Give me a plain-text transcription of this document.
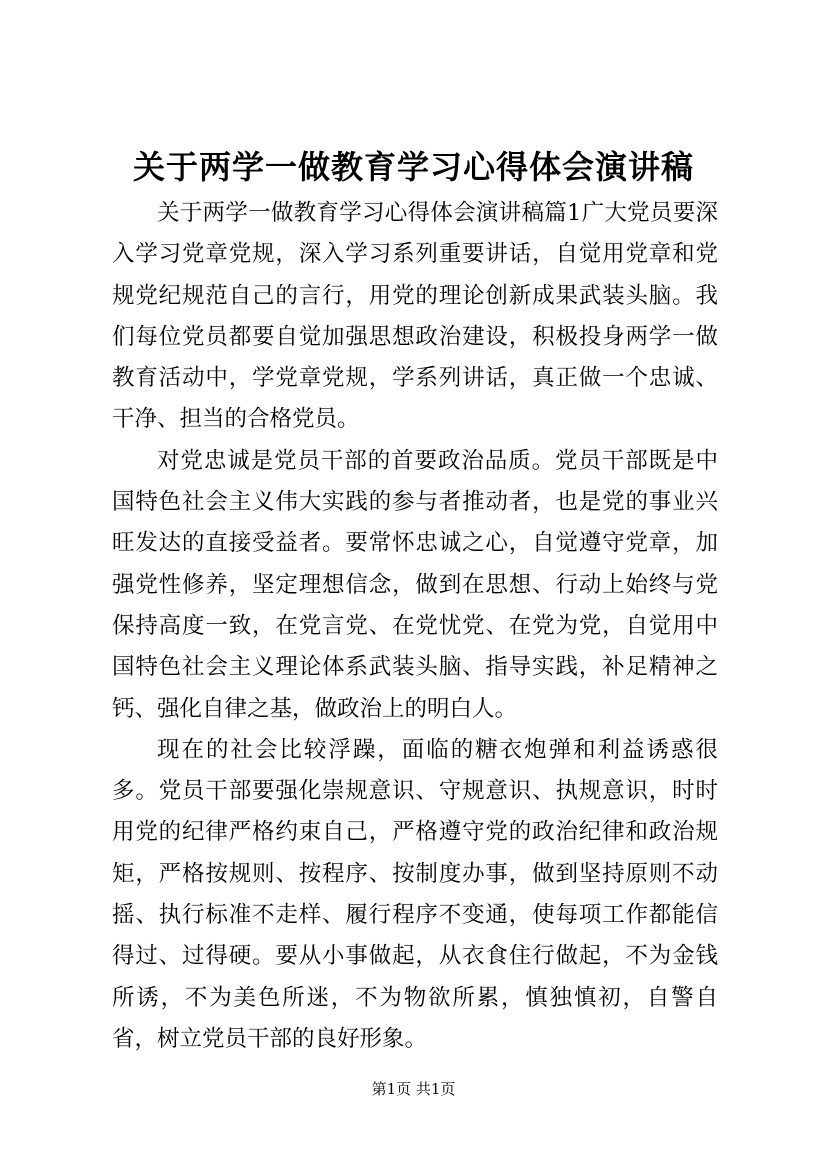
关于两学一做教育学习心得体会演讲稿

关于两学一做教育学习心得体会演讲稿篇1广大党员要深入学习党章党规，深入学习系列重要讲话，自觉用党章和党规党纪规范自己的言行，用党的理论创新成果武装头脑。我们每位党员都要自觉加强思想政治建设，积极投身两学一做教育活动中，学党章党规，学系列讲话，真正做一个忠诚、干净、担当的合格党员。

对党忠诚是党员干部的首要政治品质。党员干部既是中国特色社会主义伟大实践的参与者推动者，也是党的事业兴旺发达的直接受益者。要常怀忠诚之心，自觉遵守党章，加强党性修养，坚定理想信念，做到在思想、行动上始终与党保持高度一致，在党言党、在党忧党、在党为党，自觉用中国特色社会主义理论体系武装头脑、指导实践，补足精神之钙、强化自律之基，做政治上的明白人。

现在的社会比较浮躁，面临的糖衣炮弹和利益诱惑很多。党员干部要强化崇规意识、守规意识、执规意识，时时用党的纪律严格约束自己，严格遵守党的政治纪律和政治规矩，严格按规则、按程序、按制度办事，做到坚持原则不动摇、执行标准不走样、履行程序不变通，使每项工作都能信得过、过得硬。要从小事做起，从衣食住行做起，不为金钱所诱，不为美色所迷，不为物欲所累，慎独慎初，自警自省，树立党员干部的良好形象。

第1页 共1页
